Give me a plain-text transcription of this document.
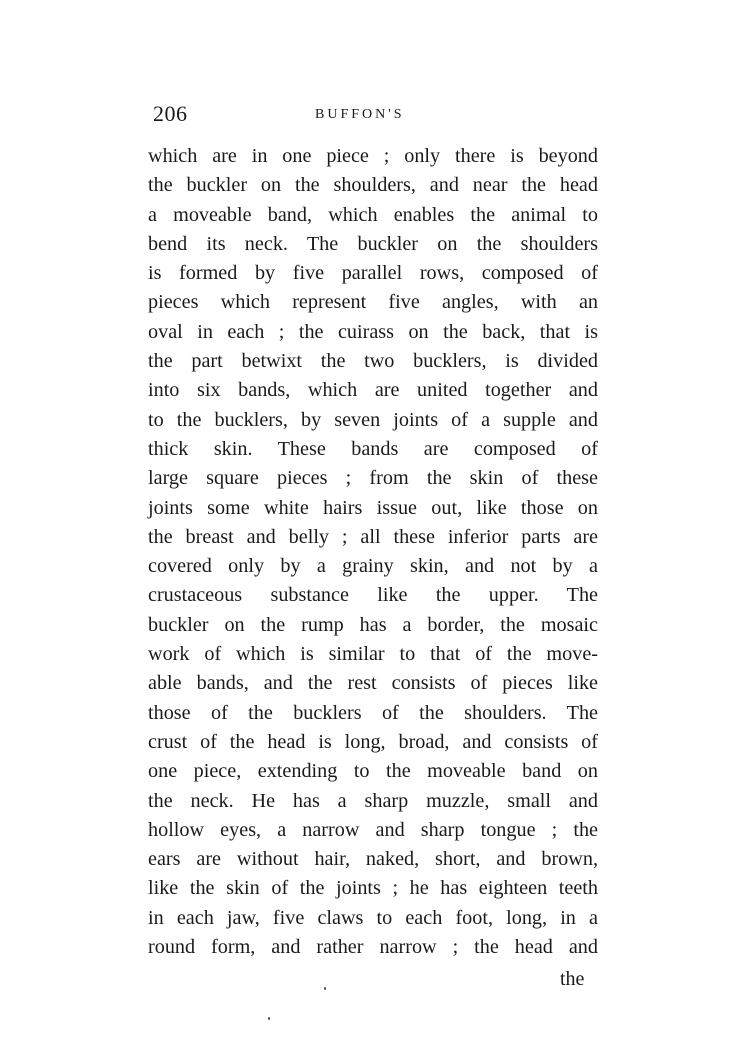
206	BUFFON'S
which are in one piece ; only there is beyond
the buckler on the shoulders, and near the head
a moveable band, which enables the animal to
bend its neck. The buckler on the shoulders
is formed by five parallel rows, composed of
pieces which represent five angles, with an
oval in each ; the cuirass on the back, that is
the part betwixt the two bucklers, is divided
into six bands, which are united together and
to the bucklers, by seven joints of a supple and
thick skin. These bands are composed of
large square pieces ; from the skin of these
joints some white hairs issue out, like those on
the breast and belly ; all these inferior parts are
covered only by a grainy skin, and not by a
crustaceous substance like the upper. The
buckler on the rump has a border, the mosaic
work of which is similar to that of the move-
able bands, and the rest consists of pieces like
those of the bucklers of the shoulders. The
crust of the head is long, broad, and consists of
one piece, extending to the moveable band on
the neck. He has a sharp muzzle, small and
hollow eyes, a narrow and sharp tongue ; the
ears are without hair, naked, short, and brown,
like the skin of the joints ; he has eighteen teeth
in each jaw, five claws to each foot, long, in a
round form, and rather narrow ; the head and
the
